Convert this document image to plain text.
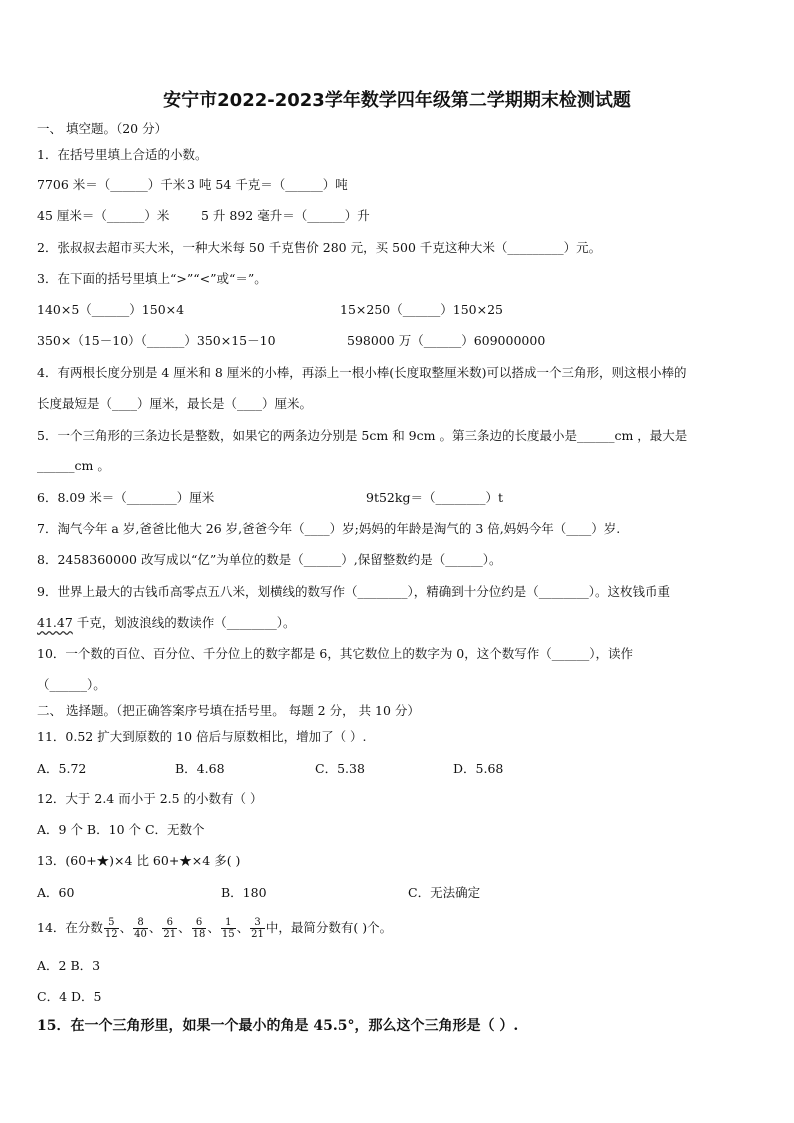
安宁市2022-2023学年数学四年级第二学期期末检测试题
一、 填空题。（20 分）
1．在括号里填上合适的小数。
7706 米＝（______）千米 3 吨 54 千克＝（______）吨
45 厘米＝（______）米	5 升 892 毫升＝（______）升
2．张叔叔去超市买大米，一种大米每 50 千克售价 280 元，买 500 千克这种大米（_________）元。
3．在下面的括号里填上“>”“<”或“＝”。
140×5（______）150×4	15×250（______）150×25
350×（15－10）（______）350×15－10	598000 万（______）609000000
4．有两根长度分别是 4 厘米和 8 厘米的小棒，再添上一根小棒(长度取整厘米数)可以搭成一个三角形，则这根小棒的
长度最短是（____）厘米，最长是（____）厘米。
5．一个三角形的三条边长是整数，如果它的两条边分别是 5cm 和 9cm 。第三条边的长度最小是______cm ，最大是
______cm 。
6．8.09 米＝（________）厘米	9t52kg＝（________）t
7．淘气今年 a 岁,爸爸比他大 26 岁,爸爸今年（____）岁;妈妈的年龄是淘气的 3 倍,妈妈今年（____）岁.
8．2458360000 改写成以“亿”为单位的数是（______）,保留整数约是（______）。
9．世界上最大的古钱币高零点五八米，划横线的数写作（________），精确到十分位约是（________）。这枚钱币重
41.47 千克，划波浪线的数读作（________）。
10．一个数的百位、百分位、千分位上的数字都是 6，其它数位上的数字为 0，这个数写作（______），读作
（______）。
二、 选择题。（把正确答案序号填在括号里。 每题 2 分， 共 10 分）
11．0.52 扩大到原数的 10 倍后与原数相比，增加了（ ）.
A．5.72	B．4.68	C．5.38	D．5.68
12．大于 2.4 而小于 2.5 的小数有（ ）
A．9 个 B．10 个 C．无数个
13．(60+★)×4 比 60+★×4 多( )
A．60	B．180	C．无法确定
14．在分数 $\frac{5}{12}$ 、 $\frac{8}{40}$ 、 $\frac{6}{21}$ 、 $\frac{6}{18}$ 、 $\frac{1}{15}$ 、 $\frac{3}{21}$ 中，最简分数有( )个。
A．2 B．3
C．4 D．5
15．在一个三角形里，如果一个最小的角是 45.5°，那么这个三角形是（ ）.
